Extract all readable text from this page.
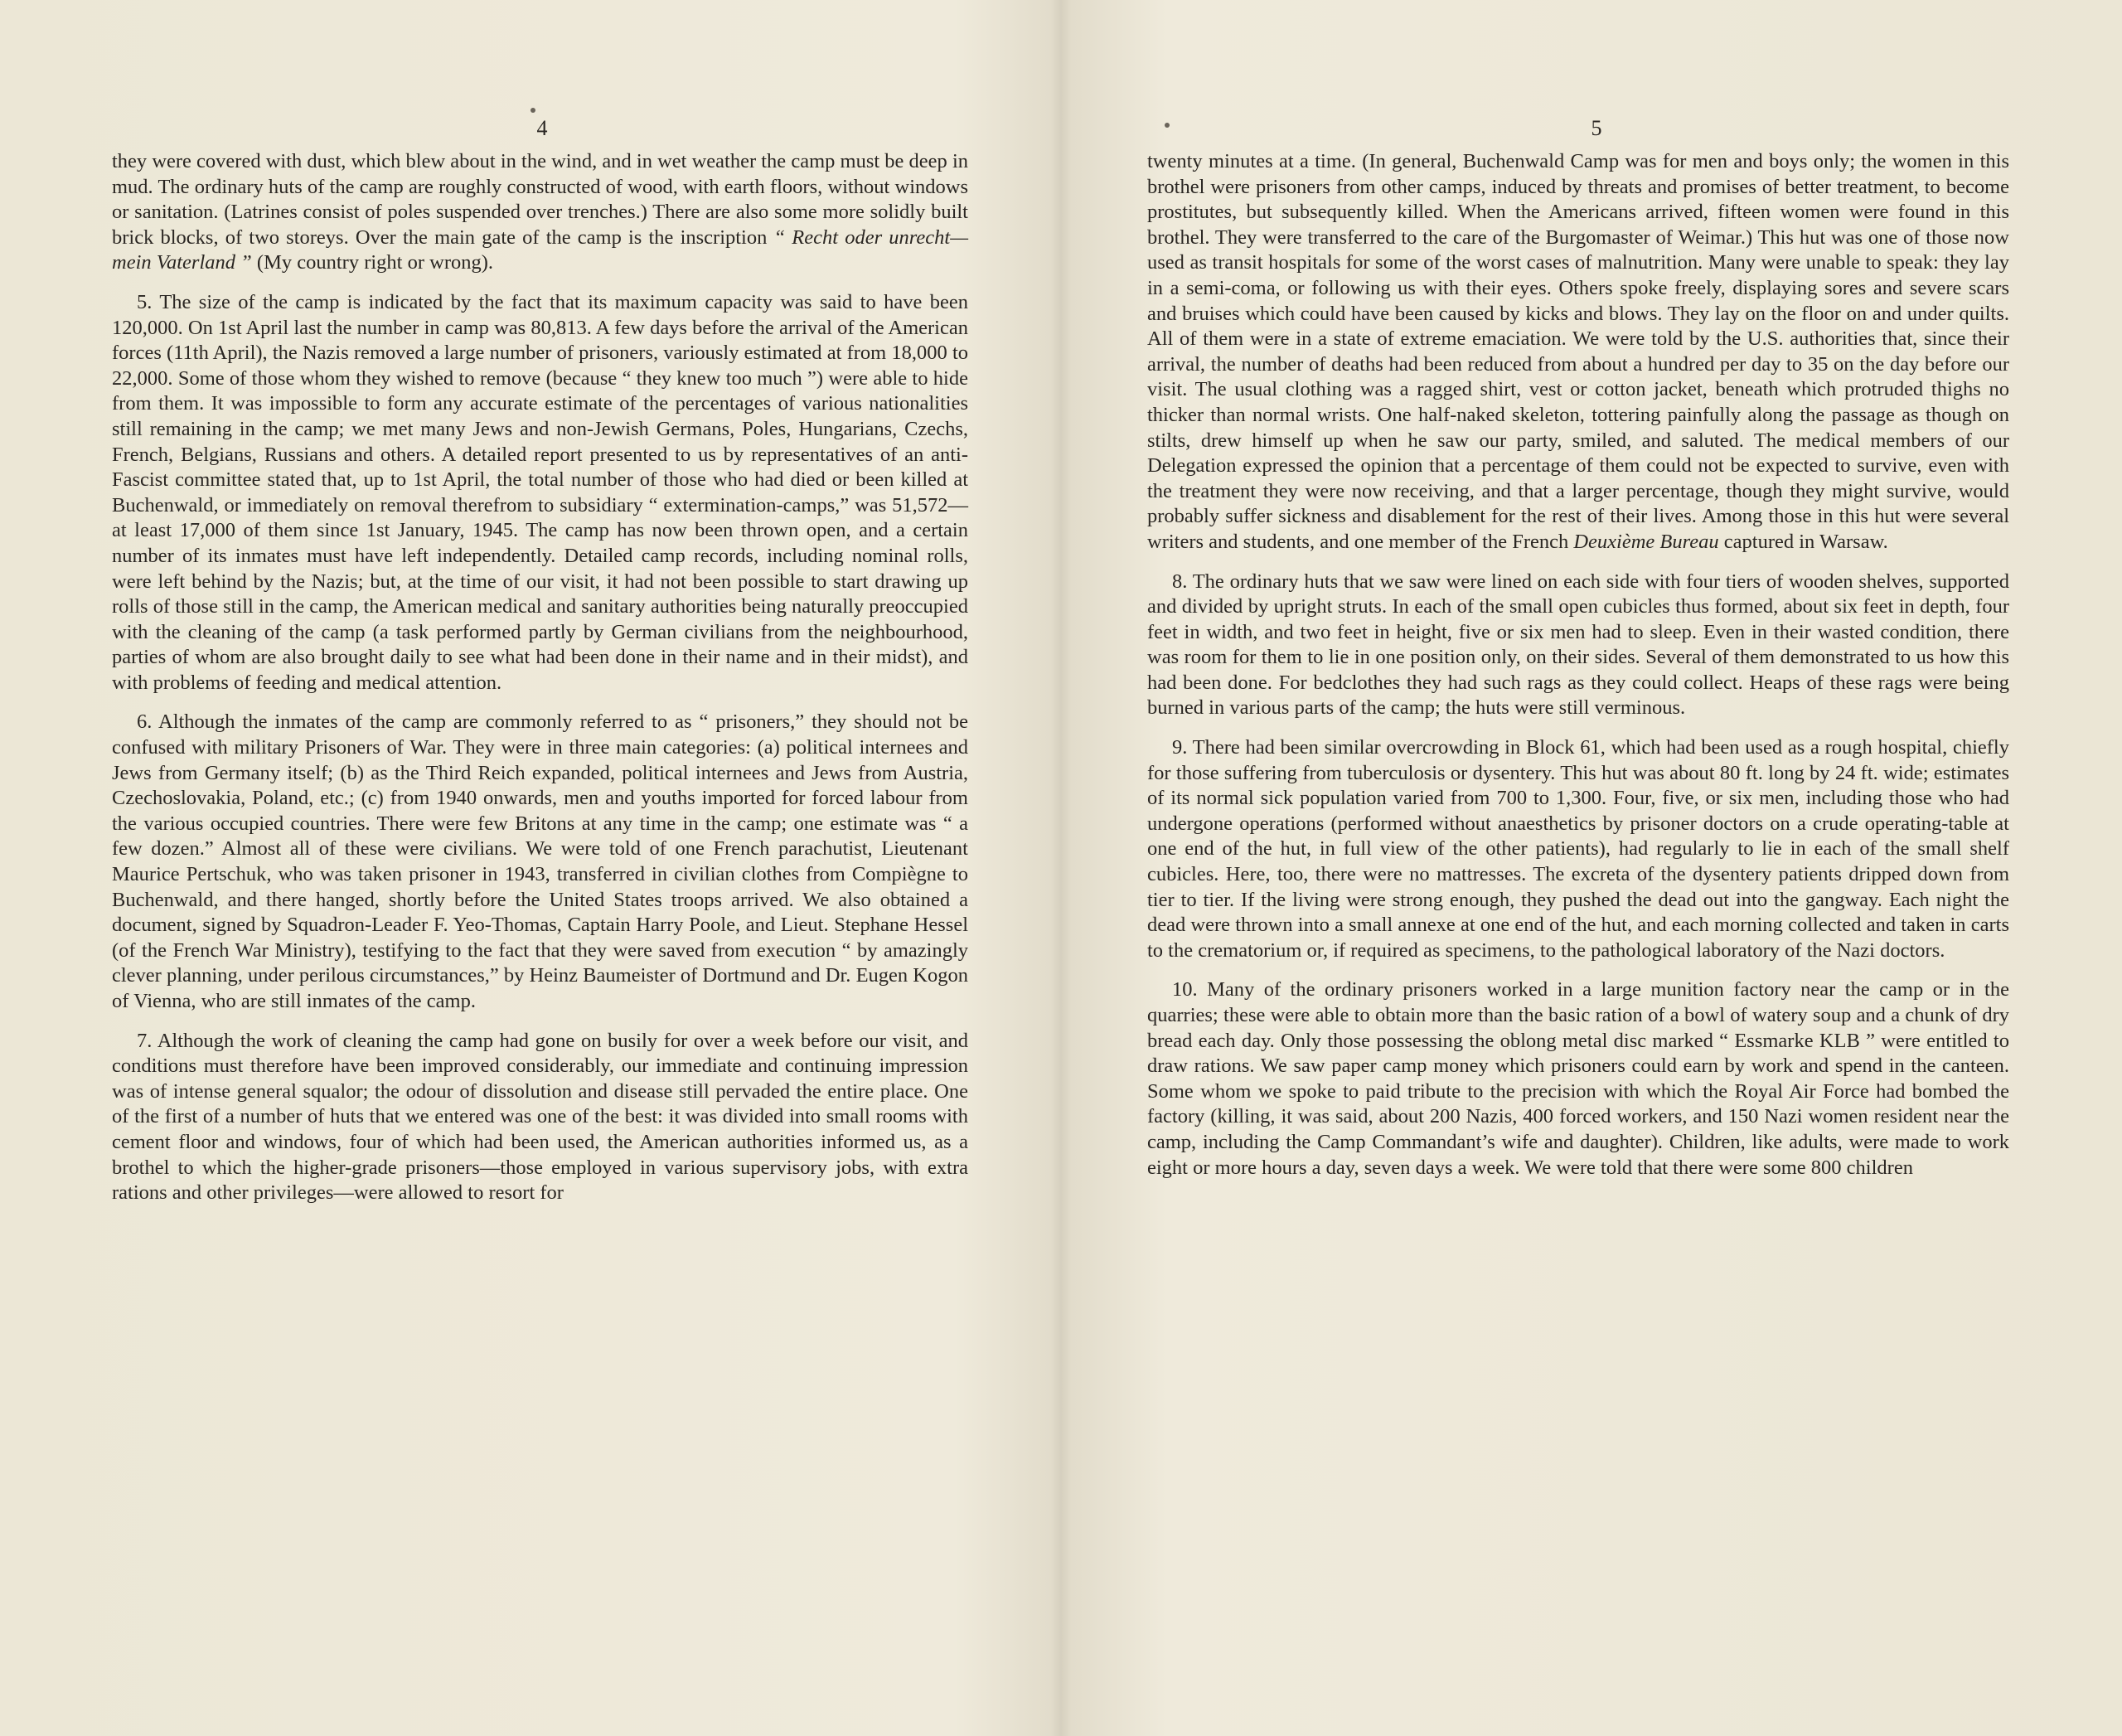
4

they were covered with dust, which blew about in the wind, and in wet weather the camp must be deep in mud. The ordinary huts of the camp are roughly constructed of wood, with earth floors, without windows or sanitation. (Latrines consist of poles suspended over trenches.) There are also some more solidly built brick blocks, of two storeys. Over the main gate of the camp is the inscription “ Recht oder unrecht—mein Vaterland ” (My country right or wrong).

5. The size of the camp is indicated by the fact that its maximum capacity was said to have been 120,000. On 1st April last the number in camp was 80,813. A few days before the arrival of the American forces (11th April), the Nazis removed a large number of prisoners, variously estimated at from 18,000 to 22,000. Some of those whom they wished to remove (because “ they knew too much ”) were able to hide from them. It was impossible to form any accurate estimate of the percentages of various nationalities still remaining in the camp; we met many Jews and non-Jewish Germans, Poles, Hungarians, Czechs, French, Belgians, Russians and others. A detailed report presented to us by representatives of an anti-Fascist committee stated that, up to 1st April, the total number of those who had died or been killed at Buchenwald, or immediately on removal therefrom to subsidiary “ extermination-camps,” was 51,572—at least 17,000 of them since 1st January, 1945. The camp has now been thrown open, and a certain number of its inmates must have left independently. Detailed camp records, including nominal rolls, were left behind by the Nazis; but, at the time of our visit, it had not been possible to start drawing up rolls of those still in the camp, the American medical and sanitary authorities being naturally preoccupied with the cleaning of the camp (a task performed partly by German civilians from the neighbourhood, parties of whom are also brought daily to see what had been done in their name and in their midst), and with problems of feeding and medical attention.

6. Although the inmates of the camp are commonly referred to as “ prisoners,” they should not be confused with military Prisoners of War. They were in three main categories: (a) political internees and Jews from Germany itself; (b) as the Third Reich expanded, political internees and Jews from Austria, Czechoslovakia, Poland, etc.; (c) from 1940 onwards, men and youths imported for forced labour from the various occupied countries. There were few Britons at any time in the camp; one estimate was “ a few dozen.” Almost all of these were civilians. We were told of one French parachutist, Lieutenant Maurice Pertschuk, who was taken prisoner in 1943, transferred in civilian clothes from Compiègne to Buchenwald, and there hanged, shortly before the United States troops arrived. We also obtained a document, signed by Squadron-Leader F. Yeo-Thomas, Captain Harry Poole, and Lieut. Stephane Hessel (of the French War Ministry), testifying to the fact that they were saved from execution “ by amazingly clever planning, under perilous circumstances,” by Heinz Baumeister of Dortmund and Dr. Eugen Kogon of Vienna, who are still inmates of the camp.

7. Although the work of cleaning the camp had gone on busily for over a week before our visit, and conditions must therefore have been improved considerably, our immediate and continuing impression was of intense general squalor; the odour of dissolution and disease still pervaded the entire place. One of the first of a number of huts that we entered was one of the best: it was divided into small rooms with cement floor and windows, four of which had been used, the American authorities informed us, as a brothel to which the higher-grade prisoners—those employed in various supervisory jobs, with extra rations and other privileges—were allowed to resort for

5

twenty minutes at a time. (In general, Buchenwald Camp was for men and boys only; the women in this brothel were prisoners from other camps, induced by threats and promises of better treatment, to become prostitutes, but subsequently killed. When the Americans arrived, fifteen women were found in this brothel. They were transferred to the care of the Burgomaster of Weimar.) This hut was one of those now used as transit hospitals for some of the worst cases of malnutrition. Many were unable to speak: they lay in a semi-coma, or following us with their eyes. Others spoke freely, displaying sores and severe scars and bruises which could have been caused by kicks and blows. They lay on the floor on and under quilts. All of them were in a state of extreme emaciation. We were told by the U.S. authorities that, since their arrival, the number of deaths had been reduced from about a hundred per day to 35 on the day before our visit. The usual clothing was a ragged shirt, vest or cotton jacket, beneath which protruded thighs no thicker than normal wrists. One half-naked skeleton, tottering painfully along the passage as though on stilts, drew himself up when he saw our party, smiled, and saluted. The medical members of our Delegation expressed the opinion that a percentage of them could not be expected to survive, even with the treatment they were now receiving, and that a larger percentage, though they might survive, would probably suffer sickness and disablement for the rest of their lives. Among those in this hut were several writers and students, and one member of the French Deuxième Bureau captured in Warsaw.

8. The ordinary huts that we saw were lined on each side with four tiers of wooden shelves, supported and divided by upright struts. In each of the small open cubicles thus formed, about six feet in depth, four feet in width, and two feet in height, five or six men had to sleep. Even in their wasted condition, there was room for them to lie in one position only, on their sides. Several of them demonstrated to us how this had been done. For bedclothes they had such rags as they could collect. Heaps of these rags were being burned in various parts of the camp; the huts were still verminous.

9. There had been similar overcrowding in Block 61, which had been used as a rough hospital, chiefly for those suffering from tuberculosis or dysentery. This hut was about 80 ft. long by 24 ft. wide; estimates of its normal sick population varied from 700 to 1,300. Four, five, or six men, including those who had undergone operations (performed without anaesthetics by prisoner doctors on a crude operating-table at one end of the hut, in full view of the other patients), had regularly to lie in each of the small shelf cubicles. Here, too, there were no mattresses. The excreta of the dysentery patients dripped down from tier to tier. If the living were strong enough, they pushed the dead out into the gangway. Each night the dead were thrown into a small annexe at one end of the hut, and each morning collected and taken in carts to the crematorium or, if required as specimens, to the pathological laboratory of the Nazi doctors.

10. Many of the ordinary prisoners worked in a large munition factory near the camp or in the quarries; these were able to obtain more than the basic ration of a bowl of watery soup and a chunk of dry bread each day. Only those possessing the oblong metal disc marked “ Essmarke KLB ” were entitled to draw rations. We saw paper camp money which prisoners could earn by work and spend in the canteen. Some whom we spoke to paid tribute to the precision with which the Royal Air Force had bombed the factory (killing, it was said, about 200 Nazis, 400 forced workers, and 150 Nazi women resident near the camp, including the Camp Commandant’s wife and daughter). Children, like adults, were made to work eight or more hours a day, seven days a week. We were told that there were some 800 children
